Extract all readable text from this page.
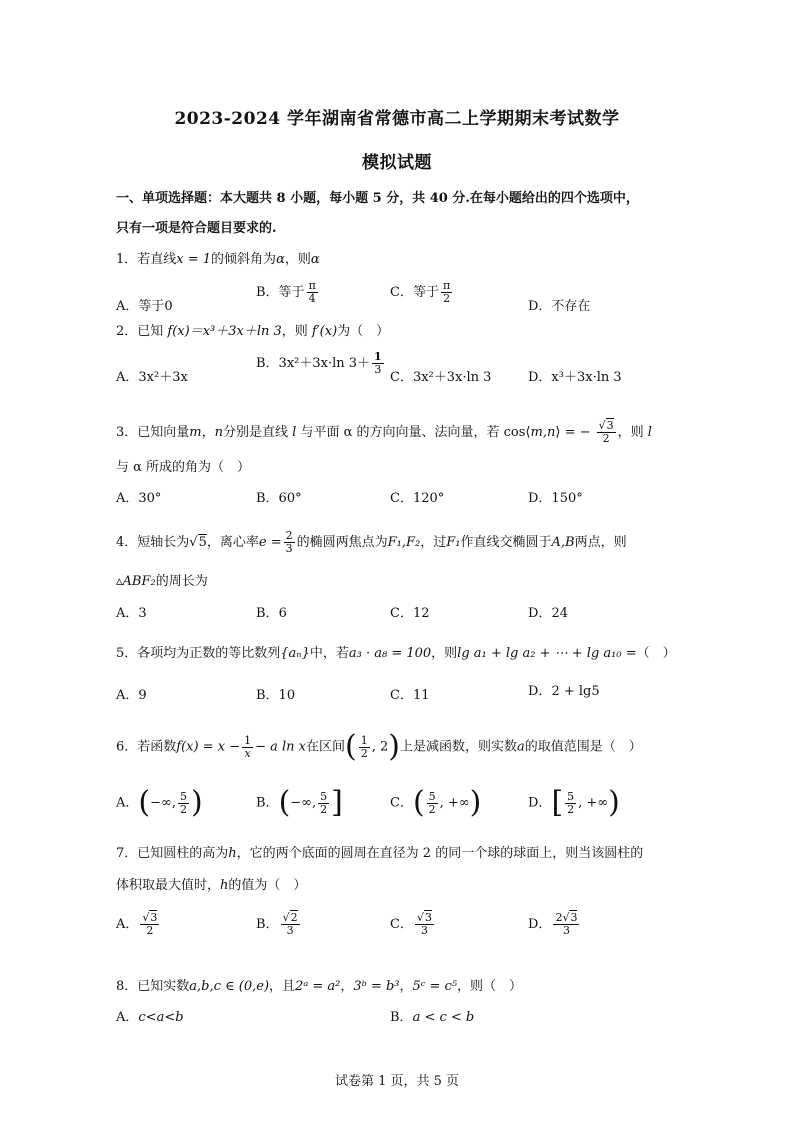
2023-2024 学年湖南省常德市高二上学期期末考试数学
模拟试题
一、单项选择题：本大题共 8 小题，每小题 5 分，共 40 分.在每小题给出的四个选项中，
只有一项是符合题目要求的.
1．若直线x = 1的倾斜角为α，则α
A．等于0
B．等于 $\frac{\pi}{4}$	C．等于 $\frac{\pi}{2}$
D．不存在
2．已知 f(x)＝x³＋3x＋ln 3，则 f′(x)为（　）
A．3x²＋3x
B．3x²＋3x·ln $3+ \frac{1}{3}$
C．3x²＋3x·ln 3	D．x³＋3x·ln 3
3．已知向量m，n分别是直线 l 与平面 α 的方向向量、法向量，若 cos⟨m,n⟩ = − $\frac{√3}{2}$ ，则 l
与 α 所成的角为（　）
A．30°	B．60°	C．120°	D．150°
4．短轴长为√5，离心率$e = \frac{2}{3}$ 的椭圆两焦点为F₁,F₂，过F₁作直线交椭圆于A,B两点，则
▵ABF₂的周长为
A．3	B．6	C．12	D．24
5．各项均为正数的等比数列{aₙ}中，若a₃ · a₈ = 100，则lg a₁ + lg a₂ + ⋯ + lg a₁₀ =（　）
A．9	B．10	C．11	D．2 + lg5
6．若函数$f(x) = x - \frac{1}{x} - a$ ln x在区间( $\frac{1}{2}$ , 2)上是减函数，则实数a的取值范围是（　）
A．(−∞, $\frac{5}{2}$ )	B．(−∞, $\frac{5}{2}$ ]	C．( $\frac{5}{2}$ , +∞)	D．[ $\frac{5}{2}$ , +∞)
7．已知圆柱的高为h，它的两个底面的圆周在直径为 2 的同一个球的球面上，则当该圆柱的
体积取最大值时，h的值为（　）
A． $\frac{√3}{2}$	B． $\frac{√2}{3}$	C． $\frac{√3}{3}$	D． $\frac{2√3}{3}$
8．已知实数a,b,c ∈ (0,e)，且2ᵃ = a²，3ᵇ = b³，5ᶜ = c⁵，则（　）
A．c<a<b	B．a < c < b
试卷第 1 页，共 5 页
